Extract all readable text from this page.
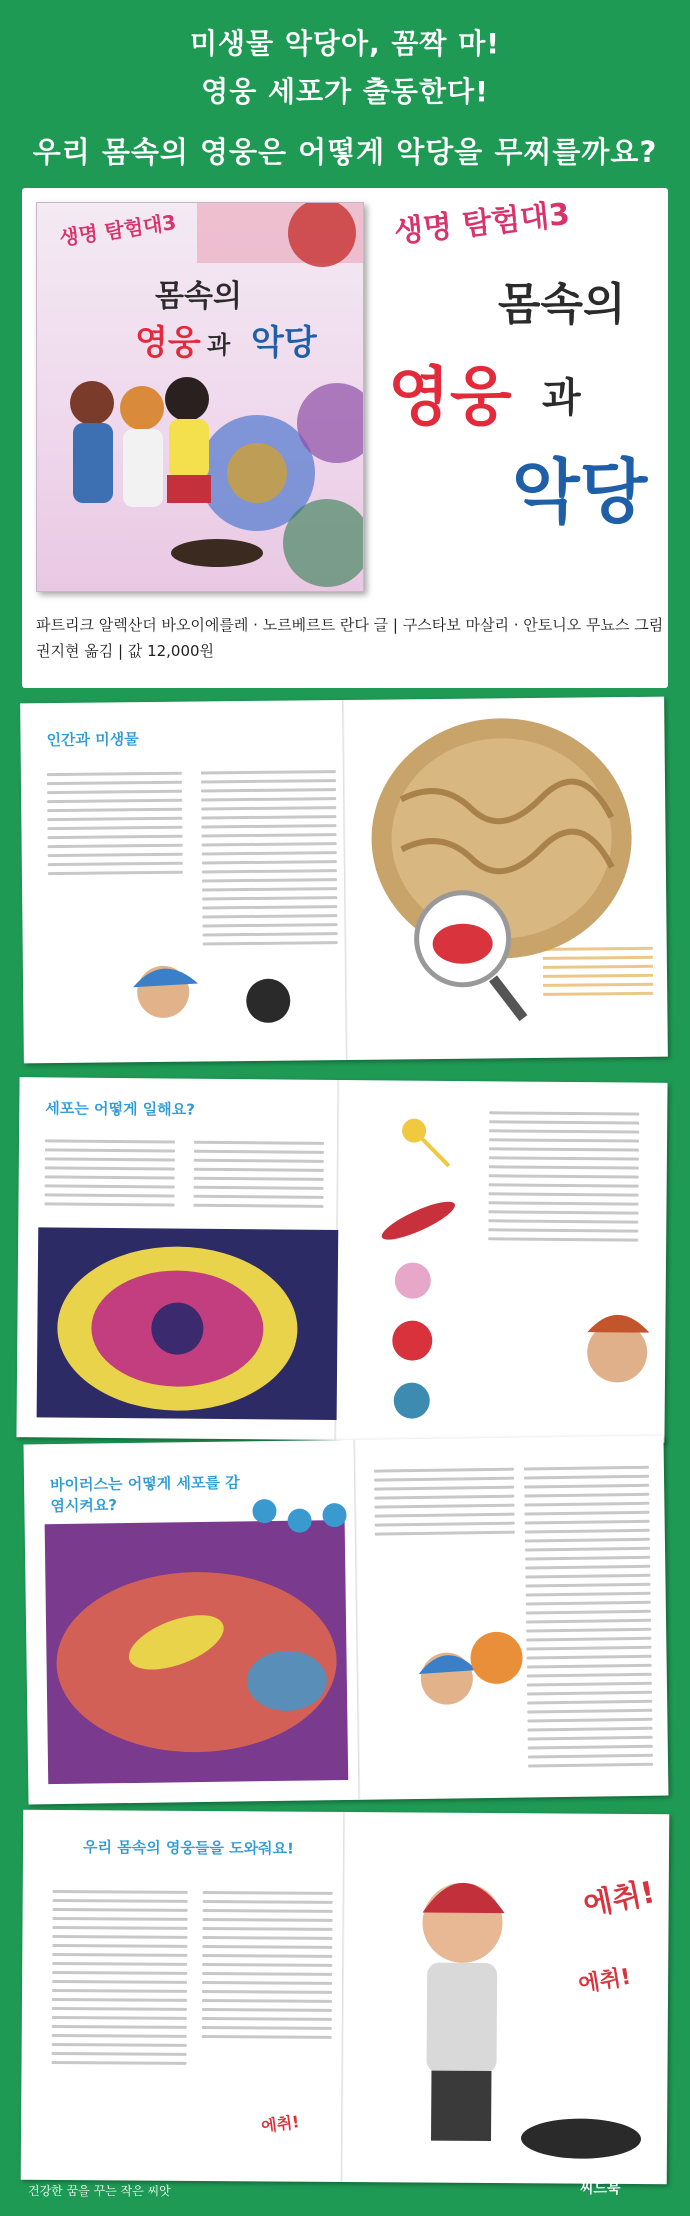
미생물 악당아, 꼼짝 마!
영웅 세포가 출동한다!
우리 몸속의 영웅은 어떻게 악당을 무찌를까요?
생명 탐험대3
몸속의
영웅 과 악당
생명 탐험대3
몸속의
영웅 과
악당
파트리크 알렉산더 바오이에를레 · 노르베르트 란다 글 | 구스타보 마살리 · 안토니오 무뇨스 그림
권지현 옮김 | 값 12,000원
인간과 미생물
세포는 어떻게 일해요?
바이러스는 어떻게 세포를 감염시켜요?
우리 몸속의 영웅들을 도와줘요!
에취!
에취!
에취!
건강한 꿈을 꾸는 작은 씨앗	씨드북
